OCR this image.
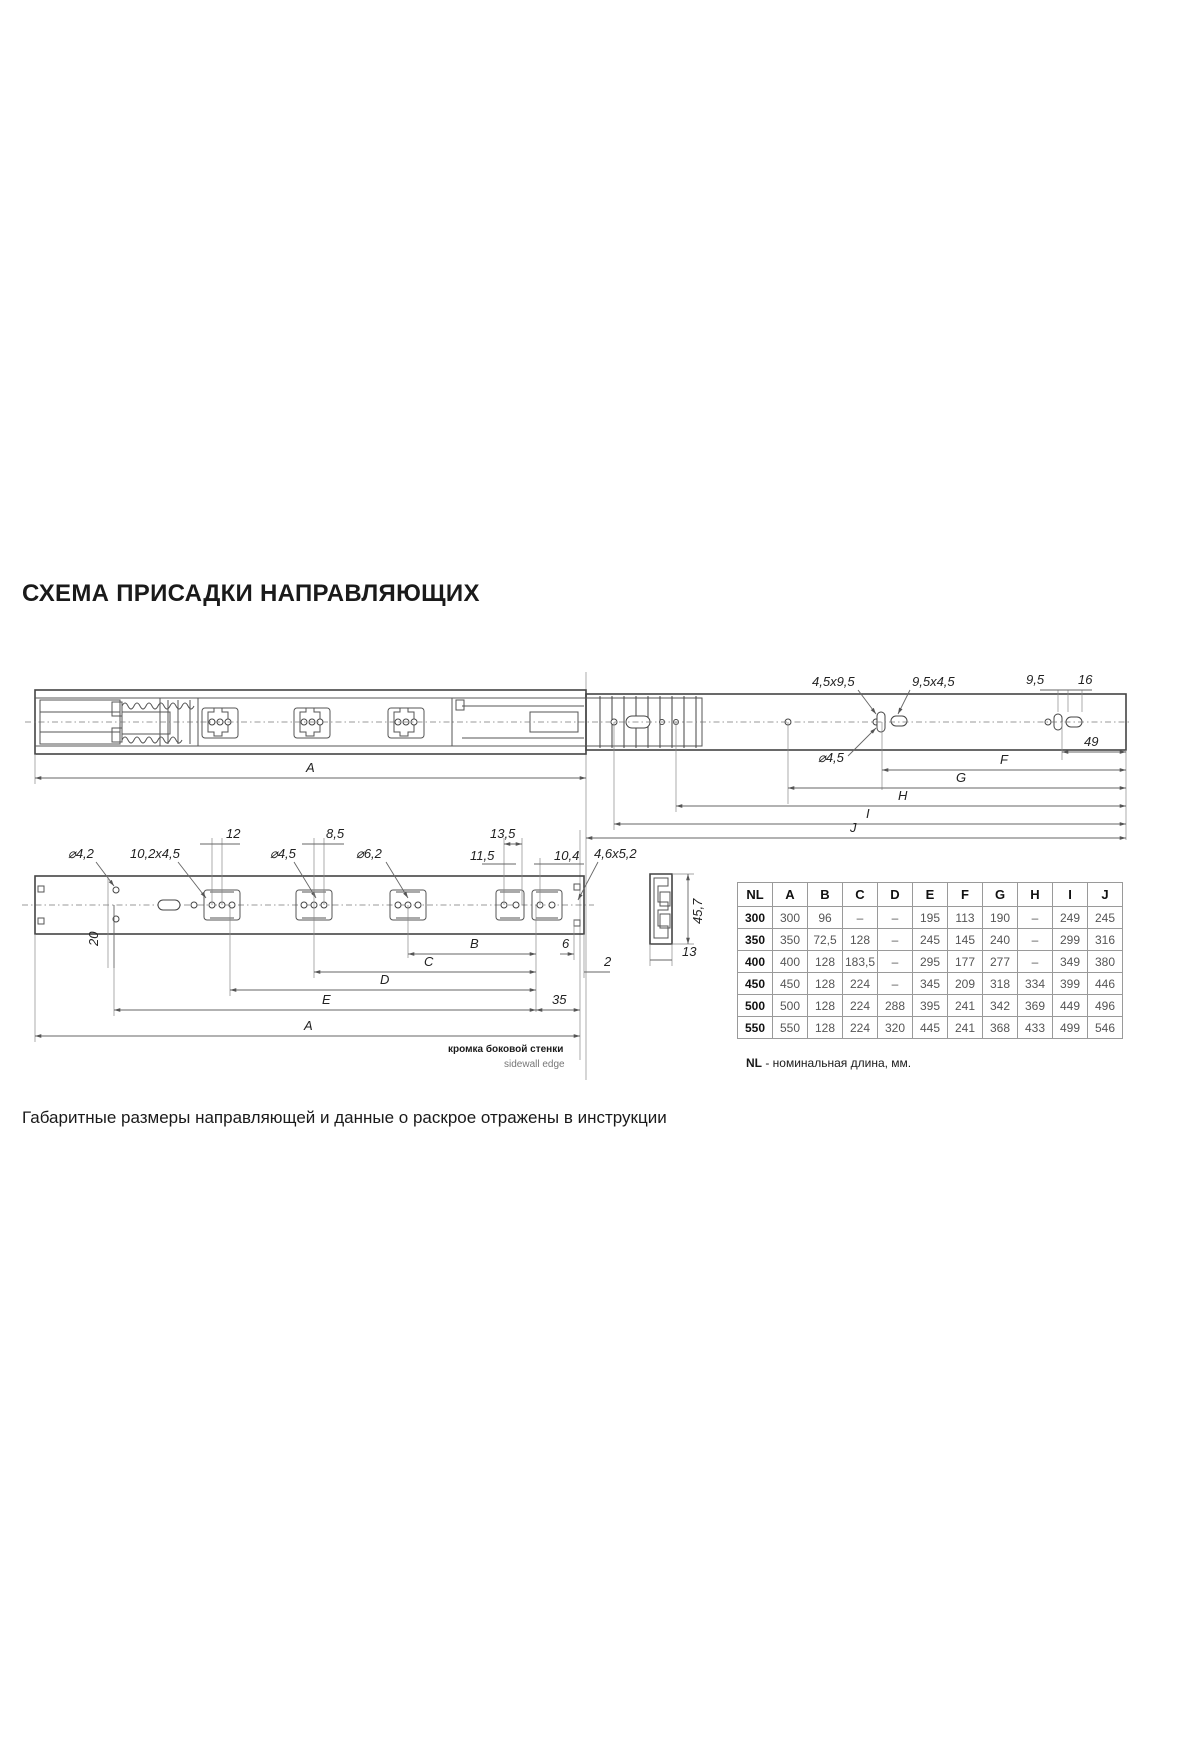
СХЕМА ПРИСАДКИ НАПРАВЛЯЮЩИХ
A
49
F
G
H
I
J
4,5x9,5	9,5x4,5
⌀4,5
9,5	16
⌀4,2	10,2x4,5	⌀4,5	⌀6,2	4,6x5,2
12	8,5	13,5
11,5	10,4
20	B
C
D
E	35
A
6
2
45,7
13
кромка боковой стенки
sidewall edge
NL	A	B	C	D	E	F	G	H	I	J
300	300	96	–	–	195	113	190	–	249	245
350	350	72,5	128	–	245	145	240	–	299	316
400	400	128	183,5	–	295	177	277	–	349	380
450	450	128	224	–	345	209	318	334	399	446
500	500	128	224	288	395	241	342	369	449	496
550	550	128	224	320	445	241	368	433	499	546
NL - номинальная длина, мм.
Габаритные размеры направляющей и данные о раскрое отражены в инструкции
